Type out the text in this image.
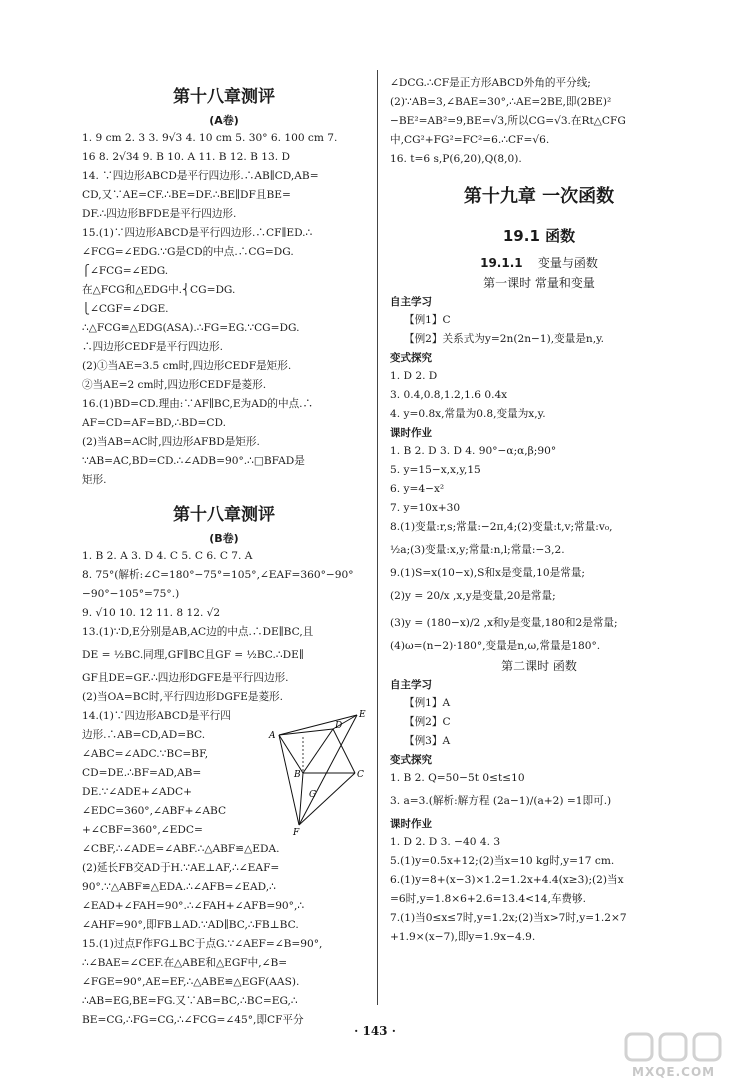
第十八章测评
(A卷)
1. 9 cm 2. 3 3. 9√3 4. 10 cm 5. 30° 6. 100 cm 7.
16 8. 2√34 9. B 10. A 11. B 12. B 13. D
14. ∵四边形ABCD是平行四边形.∴AB∥CD,AB=
CD,又∵AE=CF.∴BE=DF.∴BE∥DF且BE=
DF.∴四边形BFDE是平行四边形.
15.(1)∵四边形ABCD是平行四边形.∴CF∥ED.∴
∠FCG=∠EDG.∵G是CD的中点.∴CG=DG.
⎧∠FCG=∠EDG.
在△FCG和△EDG中.⎨CG=DG.
⎩∠CGF=∠DGE.
∴△FCG≌△EDG(ASA).∴FG=EG.∵CG=DG.
∴四边形CEDF是平行四边形.
(2)①当AE=3.5 cm时,四边形CEDF是矩形.
②当AE=2 cm时,四边形CEDF是菱形.
16.(1)BD=CD.理由:∵AF∥BC,E为AD的中点.∴
AF=CD=AF=BD,∴BD=CD.
(2)当AB=AC时,四边形AFBD是矩形.
∵AB=AC,BD=CD.∴∠ADB=90°.∴□BFAD是
矩形.
第十八章测评
(B卷)
1. B 2. A 3. D 4. C 5. C 6. C 7. A
8. 75°(解析:∠C=180°−75°=105°,∠EAF=360°−90°
−90°−105°=75°.)
9. √10 10. 12 11. 8 12. √2
13.(1)∵D,E分别是AB,AC边的中点.∴DE∥BC,且
DE = ½BC.同理,GF∥BC且GF = ½BC.∴DE∥
GF且DE=GF.∴四边形DGFE是平行四边形.
(2)当OA=BC时,平行四边形DGFE是菱形.
14.(1)∵四边形ABCD是平行四
边形.∴AB=CD,AD=BC.
∠ABC=∠ADC.∵BC=BF,
CD=DE.∴BF=AD,AB=
DE.∵∠ADE+∠ADC+
∠EDC=360°,∠ABF+∠ABC
+∠CBF=360°,∠EDC=
E
A
D
B
G
C
F
∠CBF,∴∠ADE=∠ABF.∴△ABF≌△EDA.
(2)延长FB交AD于H.∵AE⊥AF,∴∠EAF=
90°.∵△ABF≌△EDA.∴∠AFB=∠EAD,∴
∠EAD+∠FAH=90°.∴∠FAH+∠AFB=90°,∴
∠AHF=90°,即FB⊥AD.∵AD∥BC,∴FB⊥BC.
15.(1)过点F作FG⊥BC于点G.∵∠AEF=∠B=90°,
∴∠BAE=∠CEF.在△ABE和△EGF中,∠B=
∠FGE=90°,AE=EF,∴△ABE≌△EGF(AAS).
∴AB=EG,BE=FG.又∵AB=BC,∴BC=EG,∴
BE=CG,∴FG=CG,∴∠FCG=∠45°,即CF平分
∠DCG.∴CF是正方形ABCD外角的平分线;
(2)∵AB=3,∠BAE=30°,∴AE=2BE,即(2BE)²
−BE²=AB²=9,BE=√3,所以CG=√3.在Rt△CFG
中,CG²+FG²=FC²=6.∴CF=√6.
16. t=6 s,P(6,20),Q(8,0).
第十九章 一次函数
19.1 函数
19.1.1 变量与函数
第一课时 常量和变量
自主学习
【例1】C
【例2】关系式为y=2n(2n−1),变量是n,y.
变式探究
1. D 2. D
3. 0.4,0.8,1.2,1.6 0.4x
4. y=0.8x,常量为0.8,变量为x,y.
课时作业
1. B 2. D 3. D 4. 90°−α;α,β;90°
5. y=15−x,x,y,15
6. y=4−x²
7. y=10x+30
8.(1)变量:r,s;常量:−2π,4;(2)变量:t,v;常量:v₀,
½a;(3)变量:x,y;常量:n,l;常量:−3,2.
9.(1)S=x(10−x),S和x是变量,10是常量;
(2)y = 20/x ,x,y是变量,20是常量;
(3)y = (180−x)/2 ,x和y是变量,180和2是常量;
(4)ω=(n−2)·180°,变量是n,ω,常量是180°.
第二课时 函数
自主学习
【例1】A
【例2】C
【例3】A
变式探究
1. B 2. Q=50−5t 0≤t≤10
3. a=3.(解析:解方程 (2a−1)/(a+2) =1即可.)
课时作业
1. D 2. D 3. −40 4. 3
5.(1)y=0.5x+12;(2)当x=10 kg时,y=17 cm.
6.(1)y=8+(x−3)×1.2=1.2x+4.4(x≥3);(2)当x
=6时,y=1.8×6+2.6=13.4<14,车费够.
7.(1)当0≤x≤7时,y=1.2x;(2)当x>7时,y=1.2×7
+1.9×(x−7),即y=1.9x−4.9.
· 143 ·
MXQE.COM
